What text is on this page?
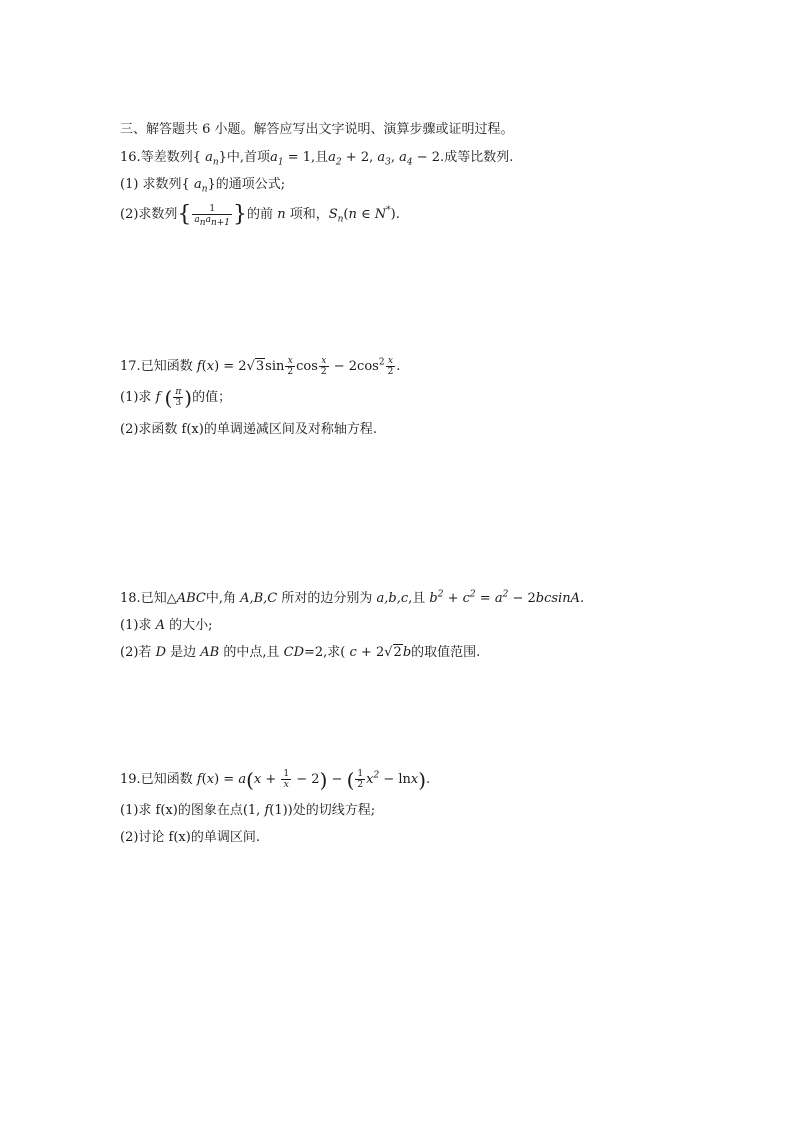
三、解答题共 6 小题。解答应写出文字说明、演算步骤或证明过程。
16.等差数列{ $a_n$}中,首项$a_1 = 1$,且$a_2 + 2$, $a_3$, $a_4 - 2$.成等比数列.
(1) 求数列{ $a_n$}的通项公式;
(2)求数列{ $\frac{1}{a_na_{n+1}}$ }的前 n 项和，$S_n(n$ ∈ N*).
17.已知函数 $f(x) = 2√3\sin \frac{x}{2}$ $\cos \frac{x}{2} - 2\cos^2 \frac{x}{2}$ .
(1)求 f ( $\frac{\pi}{3}$ )的值；
(2)求函数 f(x)的单调递减区间及对称轴方程.
18.已知△ABC中,角 A,B,C 所对的边分别为 a,b,c,且 $b^2 + c^2 = a^2 - 2bcsinA$.
(1)求 A 的大小;
(2)若 D 是边 AB 的中点,且 CD=2,求( c + 2√2b的取值范围.
19.已知函数 $f(x) = a(x + \frac{1}{x} - 2)$ − ( $\frac{1}{2} x^2 - \ln x$).
(1)求 f(x)的图象在点(1, f(1))处的切线方程;
(2)讨论 f(x)的单调区间.
